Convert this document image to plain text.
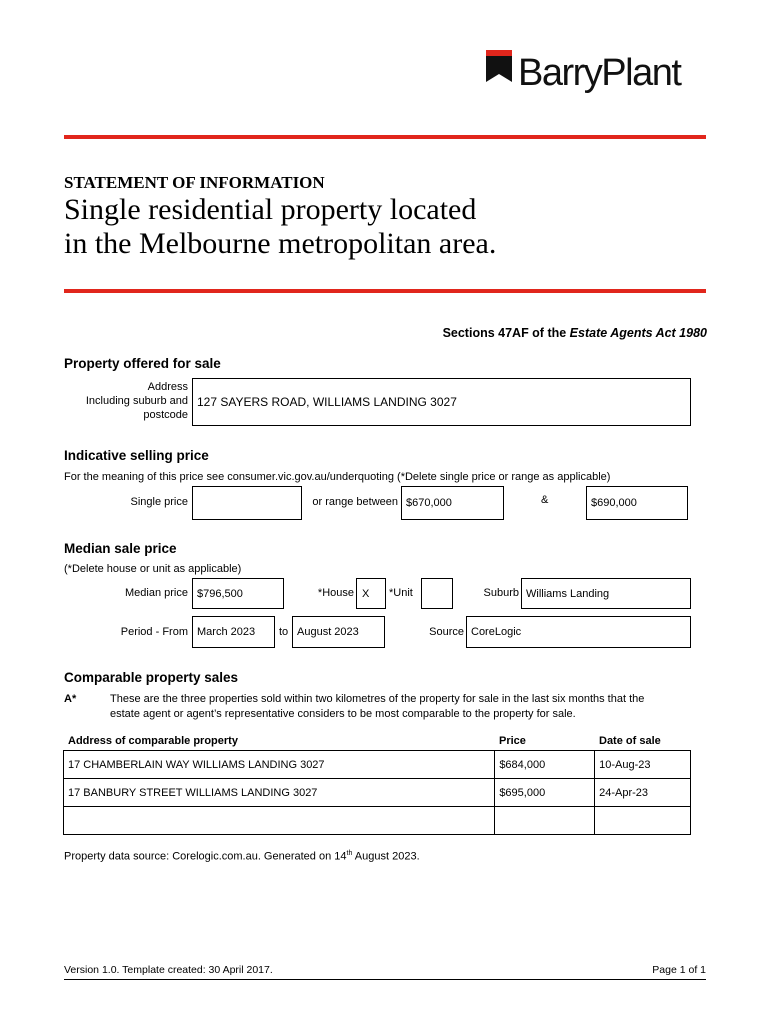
BarryPlant
STATEMENT OF INFORMATION
Single residential property located
in the Melbourne metropolitan area.
Sections 47AF of the Estate Agents Act 1980
Property offered for sale
Address
Including suburb and
postcode
127 SAYERS ROAD, WILLIAMS LANDING 3027
Indicative selling price
For the meaning of this price see consumer.vic.gov.au/underquoting (*Delete single price or range as applicable)
Single price	or range between $670,000	&	$690,000
Median sale price
(*Delete house or unit as applicable)
Median price $796,500	*House X *Unit	Suburb Williams Landing
Period - From March 2023 to August 2023	Source CoreLogic
Comparable property sales
A*	These are the three properties sold within two kilometres of the property for sale in the last six months that the
estate agent or agent’s representative considers to be most comparable to the property for sale.
Address of comparable property	Price	Date of sale
17 CHAMBERLAIN WAY WILLIAMS LANDING 3027	$684,000	10-Aug-23
17 BANBURY STREET WILLIAMS LANDING 3027	$695,000	24-Apr-23

Property data source: Corelogic.com.au. Generated on 14th August 2023.
Version 1.0. Template created: 30 April 2017.	Page 1 of 1
